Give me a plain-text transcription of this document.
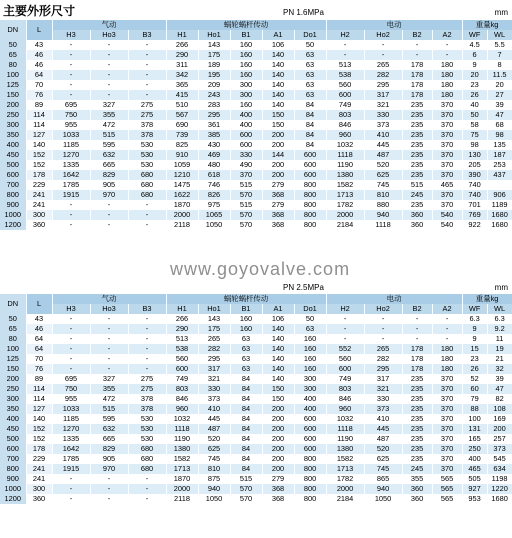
主要外形尺寸	PN 1.6MPa	mm
DN	L	气动			蜗轮蜗杆传动					电动				重量kg	
		H3	Ho3	B3	H1	Ho1	B1	A1	Do1	H2	Ho2	B2	A2	WF	WL
50	43	-	-	-	266	143	160	106	50	-	-	-	-	4.5	5.5
65	46	-	-	-	290	175	160	140	63	-	-	-	-	6	7
80	46	-	-	-	311	189	160	140	63	513	265	178	180	9	8
100	64	-	-	-	342	195	160	140	63	538	282	178	180	20	11.5
125	70	-	-	-	365	209	300	140	63	560	295	178	180	23	20
150	76	-	-	-	415	243	300	140	63	600	317	178	180	26	27
200	89	695	327	275	510	283	160	140	84	749	321	235	370	40	39
250	114	750	355	275	567	295	400	150	84	803	330	235	370	50	47
300	114	955	472	378	690	361	400	150	84	846	373	235	370	58	68
350	127	1033	515	378	739	385	600	200	84	960	410	235	370	75	98
400	140	1185	595	530	825	430	600	200	84	1032	445	235	370	98	135
450	152	1270	632	530	910	469	330	144	600	1118	487	235	370	130	187
500	152	1335	665	530	1059	480	490	200	600	1190	520	235	370	205	253
600	178	1642	829	680	1210	618	370	200	600	1380	625	235	370	390	437
700	229	1785	905	680	1475	746	515	279	800	1582	745	515	465	740	
800	241	1915	970	680	1622	826	570	368	800	1713	810	245	370	740	906
900	241	-	-	-	1870	975	515	279	800	1782	880	235	370	701	1189
1000	300	-	-	-	2000	1065	570	368	800	2000	940	360	540	769	1680
1200	360	-	-	-	2118	1050	570	368	800	2184	1118	360	540	922	1680
PN 2.5MPa	mm
DN	L	气动			蜗轮蜗杆传动					电动				重量kg	
		H3	Ho3	B3	H1	Ho1	B1	A1	Do1	H2	Ho2	B2	A2	WF	WL
50	43	-	-	-	266	143	160	106	50	-	-	-	-	6.3	6.3
65	46	-	-	-	290	175	160	140	63	-	-	-	-	9	9.2
80	64	-	-	-	513	265	63	140	160	-	-	-	-	9	11
100	64	-	-	-	538	282	63	140	160	552	265	178	180	15	19
125	70	-	-	-	560	295	63	140	160	560	282	178	180	23	21
150	76	-	-	-	600	317	63	140	160	600	295	178	180	26	32
200	89	695	327	275	749	321	84	140	300	749	317	235	370	52	39
250	114	750	355	275	803	330	84	150	300	803	321	235	370	60	47
300	114	955	472	378	846	373	84	150	400	846	330	235	370	79	82
350	127	1033	515	378	960	410	84	200	400	960	373	235	370	88	108
400	140	1185	595	530	1032	445	84	200	600	1032	410	235	370	100	169
450	152	1270	632	530	1118	487	84	200	600	1118	445	235	370	131	200
500	152	1335	665	530	1190	520	84	200	600	1190	487	235	370	165	257
600	178	1642	829	680	1380	625	84	200	600	1380	520	235	370	250	373
700	229	1785	905	680	1582	745	84	200	800	1582	625	235	370	400	545
800	241	1915	970	680	1713	810	84	200	800	1713	745	245	370	465	634
900	241	-	-	-	1870	875	515	279	800	1782	865	355	565	505	1198
1000	300	-	-	-	2000	940	570	368	800	2000	940	360	565	927	1220
1200	360	-	-	-	2118	1050	570	368	800	2184	1050	360	565	953	1680
www.goyovalve.com
